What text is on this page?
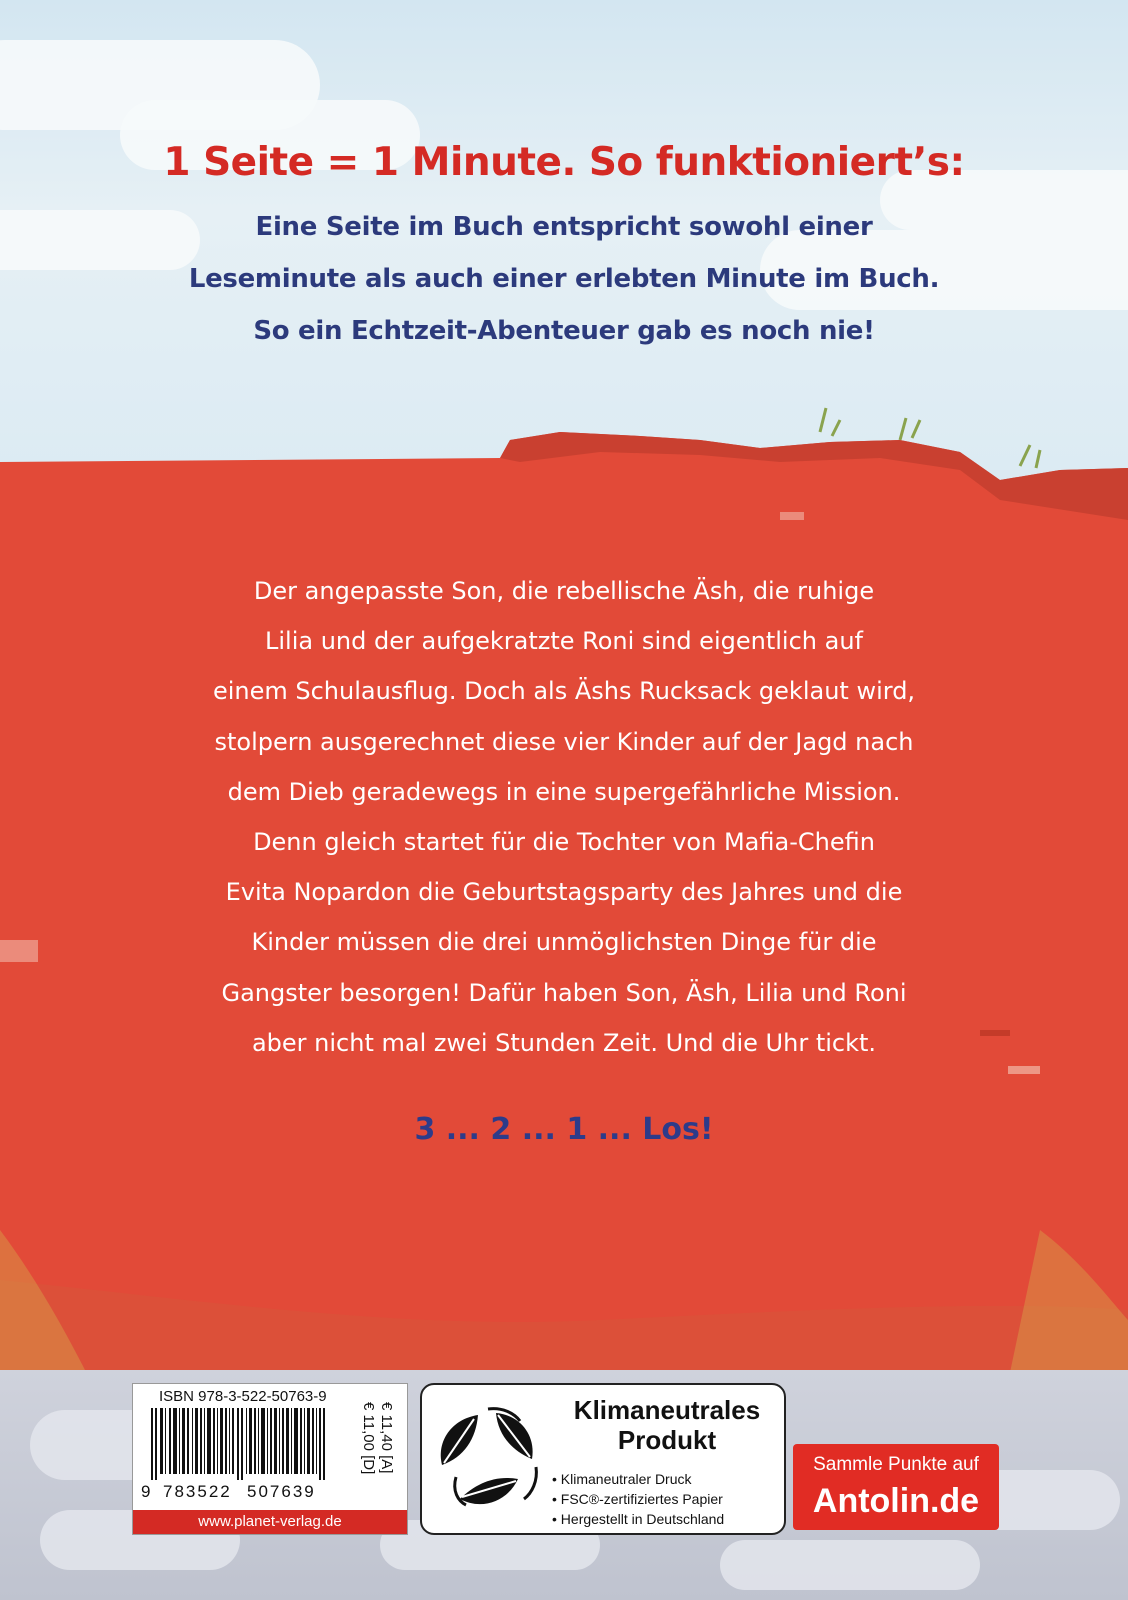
1 Seite = 1 Minute. So funktioniert’s:
Eine Seite im Buch entspricht sowohl einer
Leseminute als auch einer erlebten Minute im Buch.
So ein Echtzeit-Abenteuer gab es noch nie!
Der angepasste Son, die rebellische Äsh, die ruhige
Lilia und der aufgekratzte Roni sind eigentlich auf
einem Schulausflug. Doch als Äshs Rucksack geklaut wird,
stolpern ausgerechnet diese vier Kinder auf der Jagd nach
dem Dieb geradewegs in eine supergefährliche Mission.
Denn gleich startet für die Tochter von Mafia-Chefin
Evita Nopardon die Geburtstagsparty des Jahres und die
Kinder müssen die drei unmöglichsten Dinge für die
Gangster besorgen! Dafür haben Son, Äsh, Lilia und Roni
aber nicht mal zwei Stunden Zeit. Und die Uhr tickt.
3 ... 2 ... 1 ... Los!
ISBN 978-3-522-50763-9
9 783522 507639
€ 11,00 [D] € 11,40 [A]
www.planet-verlag.de
Klimaneutrales
Produkt
• Klimaneutraler Druck
• FSC®-zertifiziertes Papier
• Hergestellt in Deutschland
Sammle Punkte auf
Antolin.de
